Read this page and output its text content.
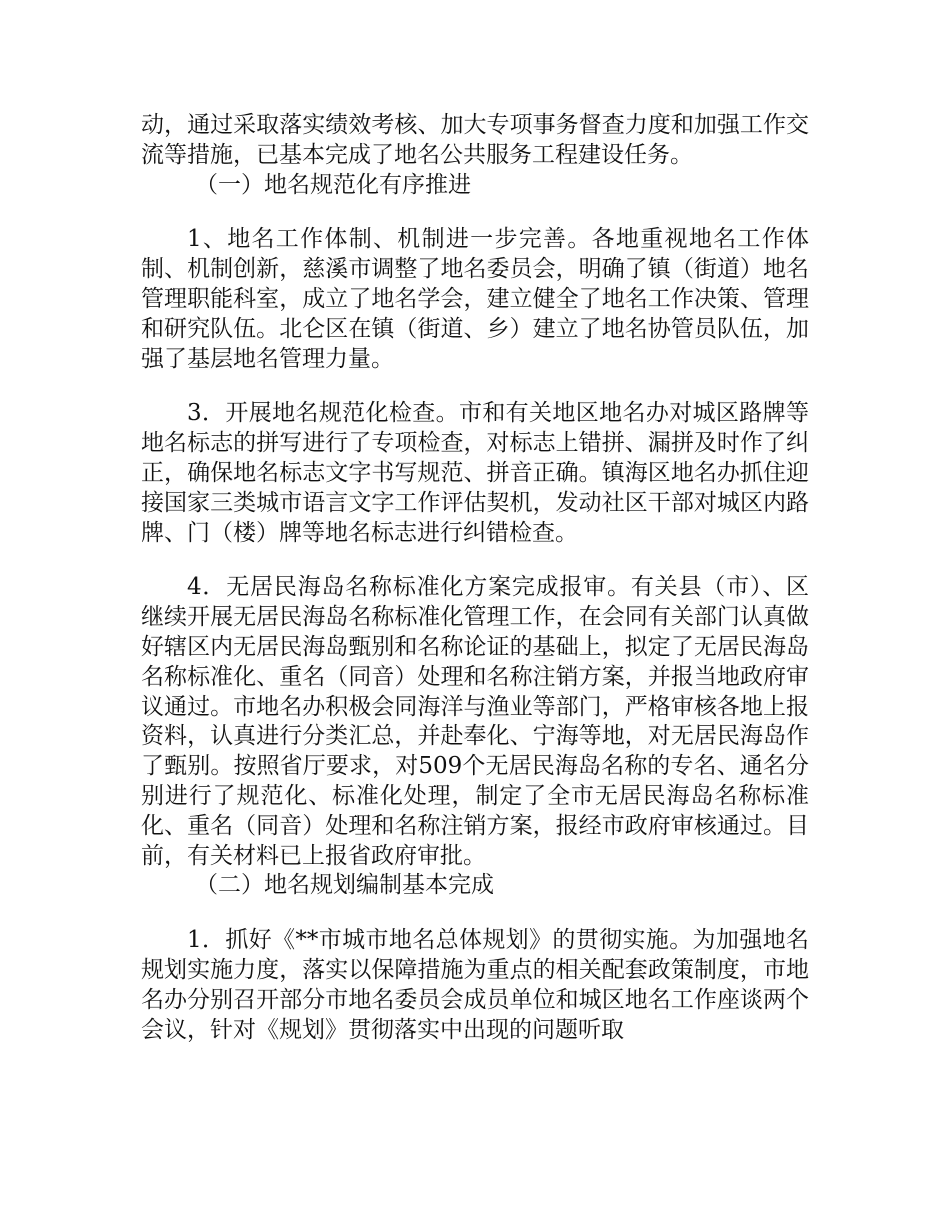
动，通过采取落实绩效考核、加大专项事务督查力度和加强工作交流等措施，已基本完成了地名公共服务工程建设任务。

（一）地名规范化有序推进

1、地名工作体制、机制进一步完善。各地重视地名工作体制、机制创新，慈溪市调整了地名委员会，明确了镇（街道）地名管理职能科室，成立了地名学会，建立健全了地名工作决策、管理和研究队伍。北仑区在镇（街道、乡）建立了地名协管员队伍，加强了基层地名管理力量。

3．开展地名规范化检查。市和有关地区地名办对城区路牌等地名标志的拼写进行了专项检查，对标志上错拼、漏拼及时作了纠正，确保地名标志文字书写规范、拼音正确。镇海区地名办抓住迎接国家三类城市语言文字工作评估契机，发动社区干部对城区内路牌、门（楼）牌等地名标志进行纠错检查。

4．无居民海岛名称标准化方案完成报审。有关县（市）、区继续开展无居民海岛名称标准化管理工作，在会同有关部门认真做好辖区内无居民海岛甄别和名称论证的基础上，拟定了无居民海岛名称标准化、重名（同音）处理和名称注销方案，并报当地政府审议通过。市地名办积极会同海洋与渔业等部门，严格审核各地上报资料，认真进行分类汇总，并赴奉化、宁海等地，对无居民海岛作了甄别。按照省厅要求，对509个无居民海岛名称的专名、通名分别进行了规范化、标准化处理，制定了全市无居民海岛名称标准化、重名（同音）处理和名称注销方案，报经市政府审核通过。目前，有关材料已上报省政府审批。

（二）地名规划编制基本完成

1．抓好《**市城市地名总体规划》的贯彻实施。为加强地名规划实施力度，落实以保障措施为重点的相关配套政策制度，市地名办分别召开部分市地名委员会成员单位和城区地名工作座谈两个会议，针对《规划》贯彻落实中出现的问题听取
